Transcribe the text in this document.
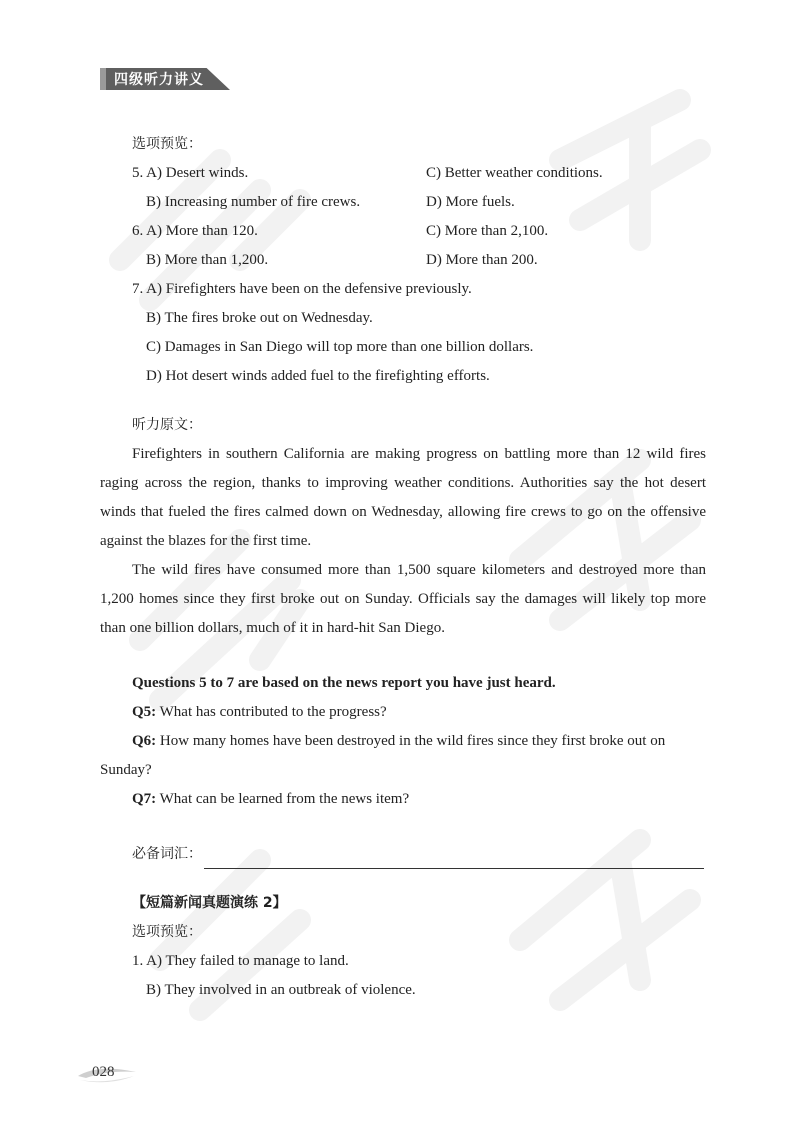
四级听力讲义
选项预览：
5. A) Desert winds.	C) Better weather conditions.
B) Increasing number of fire crews.	D) More fuels.
6. A) More than 120.	C) More than 2,100.
B) More than 1,200.	D) More than 200.
7. A) Firefighters have been on the defensive previously.
B) The fires broke out on Wednesday.
C) Damages in San Diego will top more than one billion dollars.
D) Hot desert winds added fuel to the firefighting efforts.
听力原文：

Firefighters in southern California are making progress on battling more than 12 wild fires raging across the region, thanks to improving weather conditions. Authorities say the hot desert winds that fueled the fires calmed down on Wednesday, allowing fire crews to go on the offensive against the blazes for the first time.

The wild fires have consumed more than 1,500 square kilometers and destroyed more than 1,200 homes since they first broke out on Sunday. Officials say the damages will likely top more than one billion dollars, much of it in hard-hit San Diego.

Questions 5 to 7 are based on the news report you have just heard.
Q5: What has contributed to the progress?

Q6: How many homes have been destroyed in the wild fires since they first broke out on

Sunday?
Q7: What can be learned from the news item?
必备词汇：
【短篇新闻真题演练 2】
选项预览：
1. A) They failed to manage to land.
B) They involved in an outbreak of violence.
028
